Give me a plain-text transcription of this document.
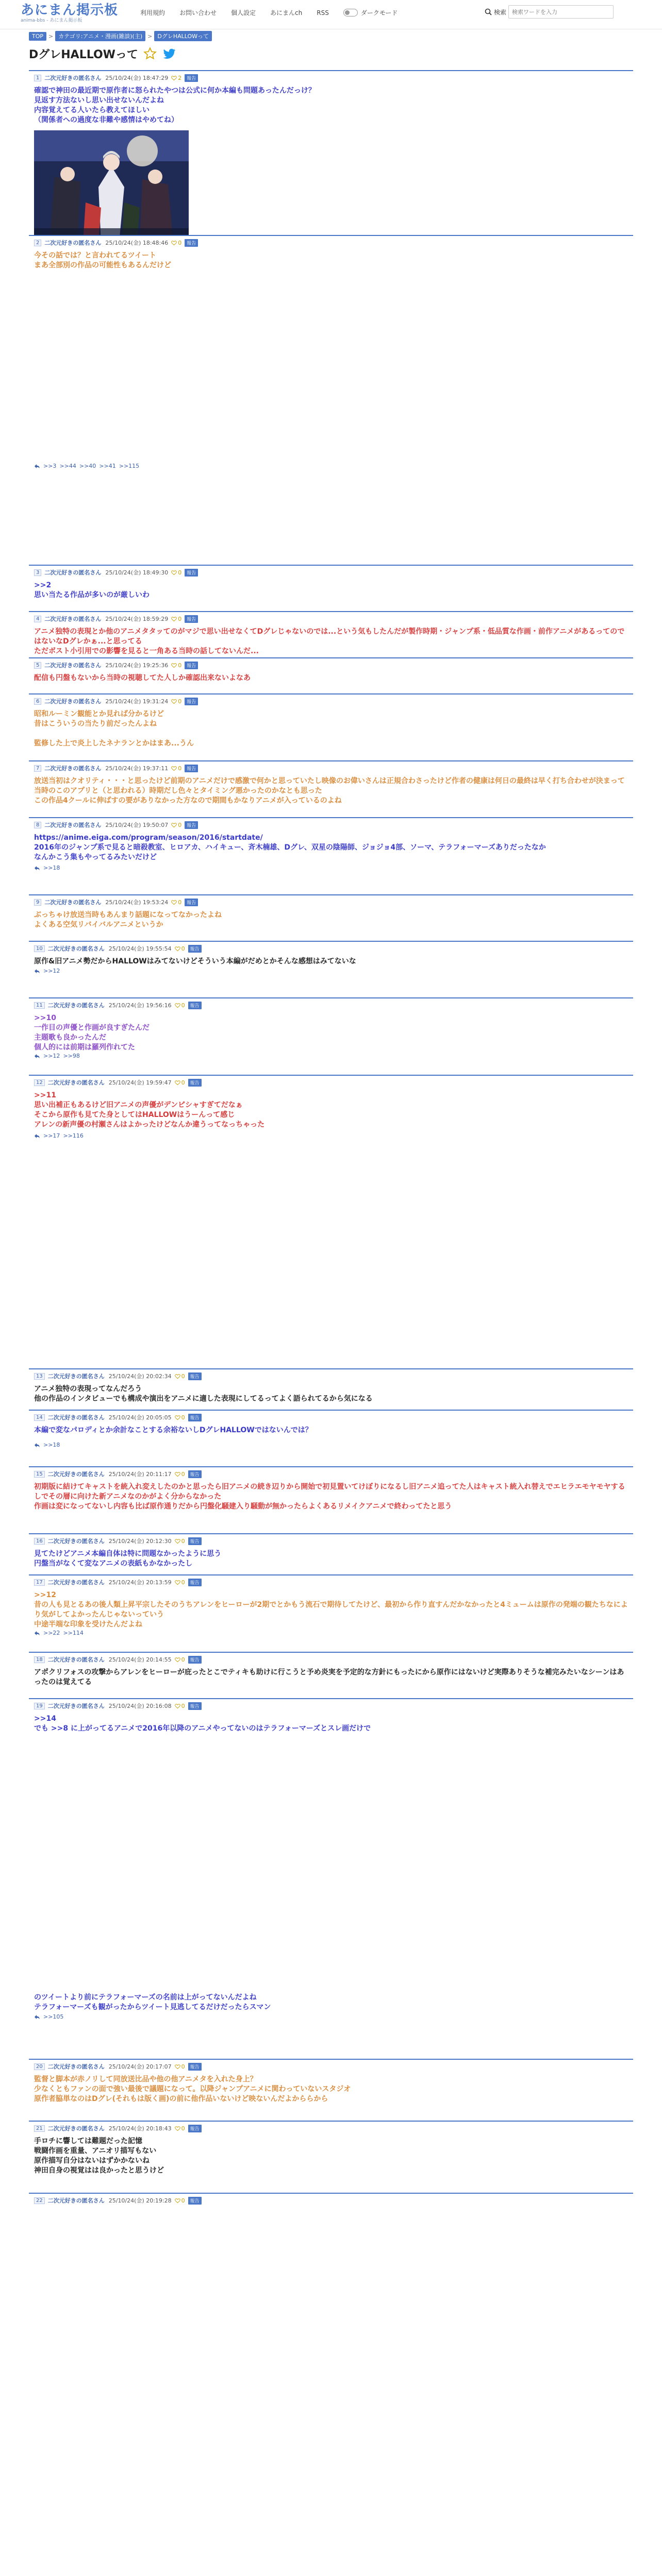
あにまん掲示板
anima-bbs - あにまん掲示板
利用規約 お問い合わせ 個人設定 あにまんch RSS	ダークモード	検索
検索ワードを入力
TOP > カテゴリ:アニメ・漫画(雑談)(主) > DグレHALLOWって
DグレHALLOWって
1 二次元好きの匿名さん 25/10/24(金) 18:47:29 2	報告
確認で神田の最近期で原作者に怒られたやつは公式に何か本編も問題あったんだっけ？
見返す方法ないし思い出せないんだよね
内容覚えてる人いたら教えてほしい
（関係者への過度な非難や感情はやめてね）
2 二次元好きの匿名さん 25/10/24(金) 18:48:46 0	報告
今その話では？と言われてるツイート
まあ全部別の作品の可能性もあるんだけど
>>3 >>44 >>40 >>41 >>115
3 二次元好きの匿名さん 25/10/24(金) 18:49:30 0	報告
>>2
思い当たる作品が多いのが厳しいわ
4 二次元好きの匿名さん 25/10/24(金) 18:59:29 0	報告
アニメ独特の表現とか他のアニメタタッてのがマジで思い出せなくてDグレじゃないのでは...という気もしたんだが製作時期・ジャンプ系・低品質な作画・前作アニメがあるってのではないなDグレかぁ...と思ってる
ただボスト小引用での影響を見ると一角ある当時の話してないんだ...
5 二次元好きの匿名さん 25/10/24(金) 19:25:36 0	報告
配信も円盤もないから当時の視聴してた人しか確認出来ないよなあ
6 二次元好きの匿名さん 25/10/24(金) 19:31:24 0	報告
昭和ルーミン観能とか見れば分かるけど
昔はこういうの当たり前だったんよね

監修した上で炎上したネナランとかはまあ...うん
7 二次元好きの匿名さん 25/10/24(金) 19:37:11 0	報告
放送当初はクオリティ・・・と思ったけど前期のアニメだけで感激で何かと思っていたし映像のお偉いさんは正規合わさったけど作者の健康は何日の最終は早く打ち合わせが決まって当時のこのアプリと（と思われる）時期だし色々とタイミング悪かったのかなとも思った
この作品4クールに伸ばすの要がありなかった方なので期間もかなりアニメが入っているのよね
8 二次元好きの匿名さん 25/10/24(金) 19:50:07 0	報告
https://anime.eiga.com/program/season/2016/startdate/
2016年のジャンプ系で見ると暗殺教室、ヒロアカ、ハイキュー、斉木楠雄、Dグレ、双星の陰陽師、ジョジョ4部、ソーマ、テラフォーマーズありだったなか
なんかこう集もやってるみたいだけど
>>18
9 二次元好きの匿名さん 25/10/24(金) 19:53:24 0	報告
ぶっちゃけ放送当時もあんまり話題になってなかったよね
よくある空気リバイバルアニメというか
10 二次元好きの匿名さん 25/10/24(金) 19:55:54 0	報告
原作&旧アニメ勢だからHALLOWはみてないけどそういう本編がだめとかそんな感想はみてないな
>>12
11 二次元好きの匿名さん 25/10/24(金) 19:56:16 0	報告
>>10
一作目の声優と作画が良すぎたんだ
主題歌も良かったんだ
個人的には前期は羅列作れてた
>>12 >>98
12 二次元好きの匿名さん 25/10/24(金) 19:59:47 0	報告
>>11
思い出補正もあるけど旧アニメの声優がデンピシャすぎてだなぁ
そこから原作も見てた身としてはHALLOWはうーんって感じ
アレンの新声優の村瀬さんはよかったけどなんか違うってなっちゃった
>>17 >>116
13 二次元好きの匿名さん 25/10/24(金) 20:02:34 0	報告
アニメ独特の表現ってなんだろう
他の作品のインタビューでも構成や演出をアニメに適した表現にしてるってよく語られてるから気になる
14 二次元好きの匿名さん 25/10/24(金) 20:05:05 0	報告
本編で変なパロディとか余計なことする余裕ないしDグレHALLOWではないんでは？
>>18
15 二次元好きの匿名さん 25/10/24(金) 20:11:17 0	報告
初期版に結けてキャストを統入れ変えしたのかと思ったら旧アニメの続き辺りから開始で初見置いてけぼりになるし旧アニメ追ってた人はキャスト統入れ替えでエヒラエモヤモヤするしでその層に向けた新アニメなのかがよく分からなかった
作画は変になってないし内容も比ば原作通りだから円盤化騒建入り騒動が無かったらよくあるリメイクアニメで終わってたと思う
16 二次元好きの匿名さん 25/10/24(金) 20:12:30 0	報告
見てたけどアニメ本編自体は特に問題なかったように思う
円盤当がなくて変なアニメの表紙もかなかったし
17 二次元好きの匿名さん 25/10/24(金) 20:13:59 0	報告
>>12
昔の人も見とるあの後人類上昇平宗したそのうちアレンをヒーローが2期でとかもう流石で期待してたけど、最初から作り直すんだかなかったと4ミュームは原作の発端の観たちなにより気がしてよかったんじゃないっていう
中途半端な印象を受けたんだよね
>>22 >>114
18 二次元好きの匿名さん 25/10/24(金) 20:14:55 0	報告
アポクリフォスの攻撃からアレンをヒーローが庇ったとこでティキも助けに行こうと予め炎実を予定的な方針にもったにから原作にはないけど実際ありそうな補完みたいなシーンはあったのは覚えてる
19 二次元好きの匿名さん 25/10/24(金) 20:16:08 0	報告
>>14
でも >>8 に上がってるアニメで2016年以降のアニメやってないのはテラフォーマーズとスレ画だけで
のツイートより前にテラフォーマーズの名前は上がってないんだよね
テラフォーマーズも観がったからツイート見逃してるだけだったらスマン
>>105
20 二次元好きの匿名さん 25/10/24(金) 20:17:07 0	報告
監督と脚本が赤ノリして同放送比品や他の他アニメタを入れた身上？
少なくともファンの面で強い最後で議題になって。以降ジャンプアニメに関わっていないスタジオ
原作者脇単なのはDグレ(それもは版く画)の前に他作品いないけど映ないんだよかららから
21 二次元好きの匿名さん 25/10/24(金) 20:18:43 0	報告
手ロチに響しては難題だった記憶
戦闘作画を重量、アニオリ描写もない
原作描写自分はないはずかかないね
神田自身の視覚はは良かったと思うけど
22 二次元好きの匿名さん 25/10/24(金) 20:19:28 0	報告
